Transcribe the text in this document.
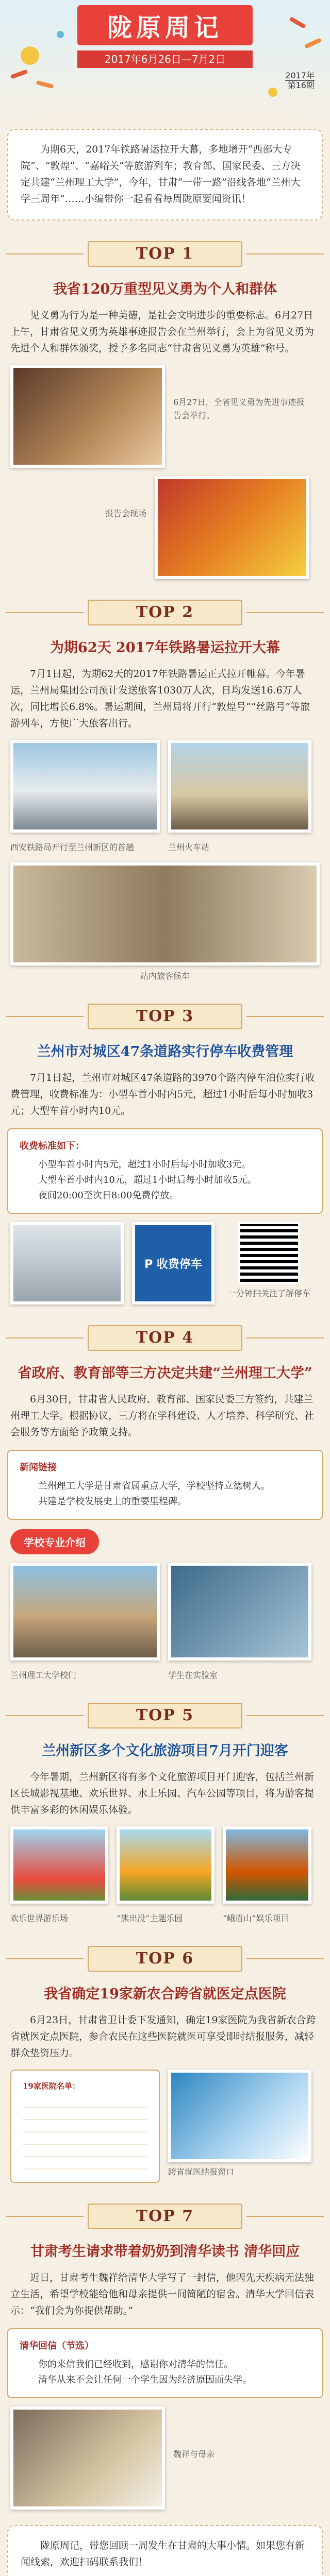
陇原周记
2017年6月26日—7月2日
2017年
第16期
为期6天，2017年铁路暑运拉开大幕，多地增开“西部大专院”、“敦煌”、“嘉峪关”等旅游列车；教育部、国家民委、三方决定共建“兰州理工大学”，今年，甘肃“一带一路”沿线各地“兰州大学三周年”……小编带你一起看看每周陇原要闻资讯！
TOP 1
我省120万重型见义勇为个人和群体
见义勇为行为是一种美德，是社会文明进步的重要标志。6月27日上午，甘肃省见义勇为英雄事迹报告会在兰州举行，会上为省见义勇为先进个人和群体颁奖，授予多名同志“甘肃省见义勇为英雄”称号。
6月27日，全省见义勇为先进事迹报告会举行。
报告会现场
TOP 2
为期62天 2017年铁路暑运拉开大幕
7月1日起，为期62天的2017年铁路暑运正式拉开帷幕。今年暑运，兰州局集团公司预计发送旅客1030万人次，日均发送16.6万人次，同比增长6.8%。暑运期间，兰州局将开行“敦煌号”“丝路号”等旅游列车，方便广大旅客出行。
西安铁路局开行至兰州新区的首趟	兰州火车站
站内旅客候车
TOP 3
兰州市对城区47条道路实行停车收费管理
7月1日起，兰州市对城区47条道路的3970个路内停车泊位实行收费管理，收费标准为：小型车首小时内5元，超过1小时后每小时加收3元；大型车首小时内10元。
收费标准如下：

小型车首小时内5元，超过1小时后每小时加收3元。

大型车首小时内10元，超过1小时后每小时加收5元。

夜间20:00至次日8:00免费停放。

P 收费停车
一分钟扫关注了解停车
TOP 4
省政府、教育部等三方决定共建“兰州理工大学”
6月30日，甘肃省人民政府、教育部、国家民委三方签约，共建兰州理工大学。根据协议，三方将在学科建设、人才培养、科学研究、社会服务等方面给予政策支持。
新闻链接

兰州理工大学是甘肃省属重点大学，学校坚持立德树人。

共建是学校发展史上的重要里程碑。

学校专业介绍
兰州理工大学校门	学生在实验室
TOP 5
兰州新区多个文化旅游项目7月开门迎客
今年暑期，兰州新区将有多个文化旅游项目开门迎客，包括兰州新区长城影视基地、欢乐世界、水上乐园、汽车公园等项目，将为游客提供丰富多彩的休闲娱乐体验。
欢乐世界游乐场	“熊出没”主题乐园	“峨眉山”娱乐项目
TOP 6
我省确定19家新农合跨省就医定点医院
6月23日，甘肃省卫计委下发通知，确定19家医院为我省新农合跨省就医定点医院，参合农民在这些医院就医可享受即时结报服务，减轻群众垫资压力。
19家医院名单：
跨省就医结报窗口
TOP 7
甘肃考生请求带着奶奶到清华读书 清华回应
近日，甘肃考生魏祥给清华大学写了一封信，他因先天疾病无法独立生活，希望学校能给他和母亲提供一间简陋的宿舍。清华大学回信表示：“我们会为你提供帮助。”
清华回信（节选）

你的来信我们已经收到，感谢你对清华的信任。

清华从来不会让任何一个学生因为经济原因而失学。

魏祥与母亲
陇原周记，带您回顾一周发生在甘肃的大事小情。如果您有新闻线索，欢迎扫码联系我们！
